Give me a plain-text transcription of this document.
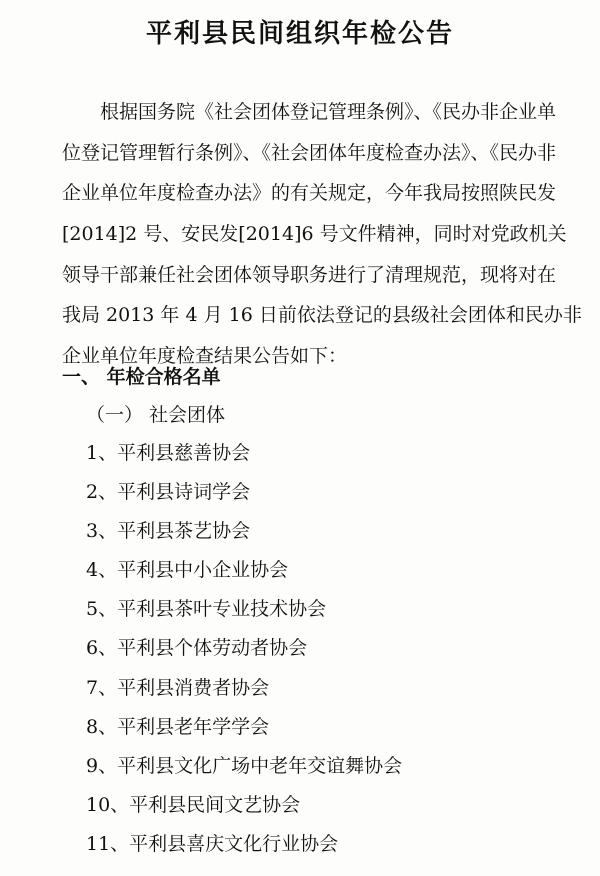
平利县民间组织年检公告
根据国务院《社会团体登记管理条例》、《民办非企业单
位登记管理暂行条例》、《社会团体年度检查办法》、《民办非
企业单位年度检查办法》的有关规定，今年我局按照陕民发
[2014]2 号、安民发[2014]6 号文件精神，同时对党政机关
领导干部兼任社会团体领导职务进行了清理规范，现将对在
我局 2013 年 4 月 16 日前依法登记的县级社会团体和民办非
企业单位年度检查结果公告如下：
一、 年检合格名单
（一） 社会团体
1、平利县慈善协会
2、平利县诗词学会
3、平利县茶艺协会
4、平利县中小企业协会
5、平利县茶叶专业技术协会
6、平利县个体劳动者协会
7、平利县消费者协会
8、平利县老年学学会
9、平利县文化广场中老年交谊舞协会
10、平利县民间文艺协会
11、平利县喜庆文化行业协会
